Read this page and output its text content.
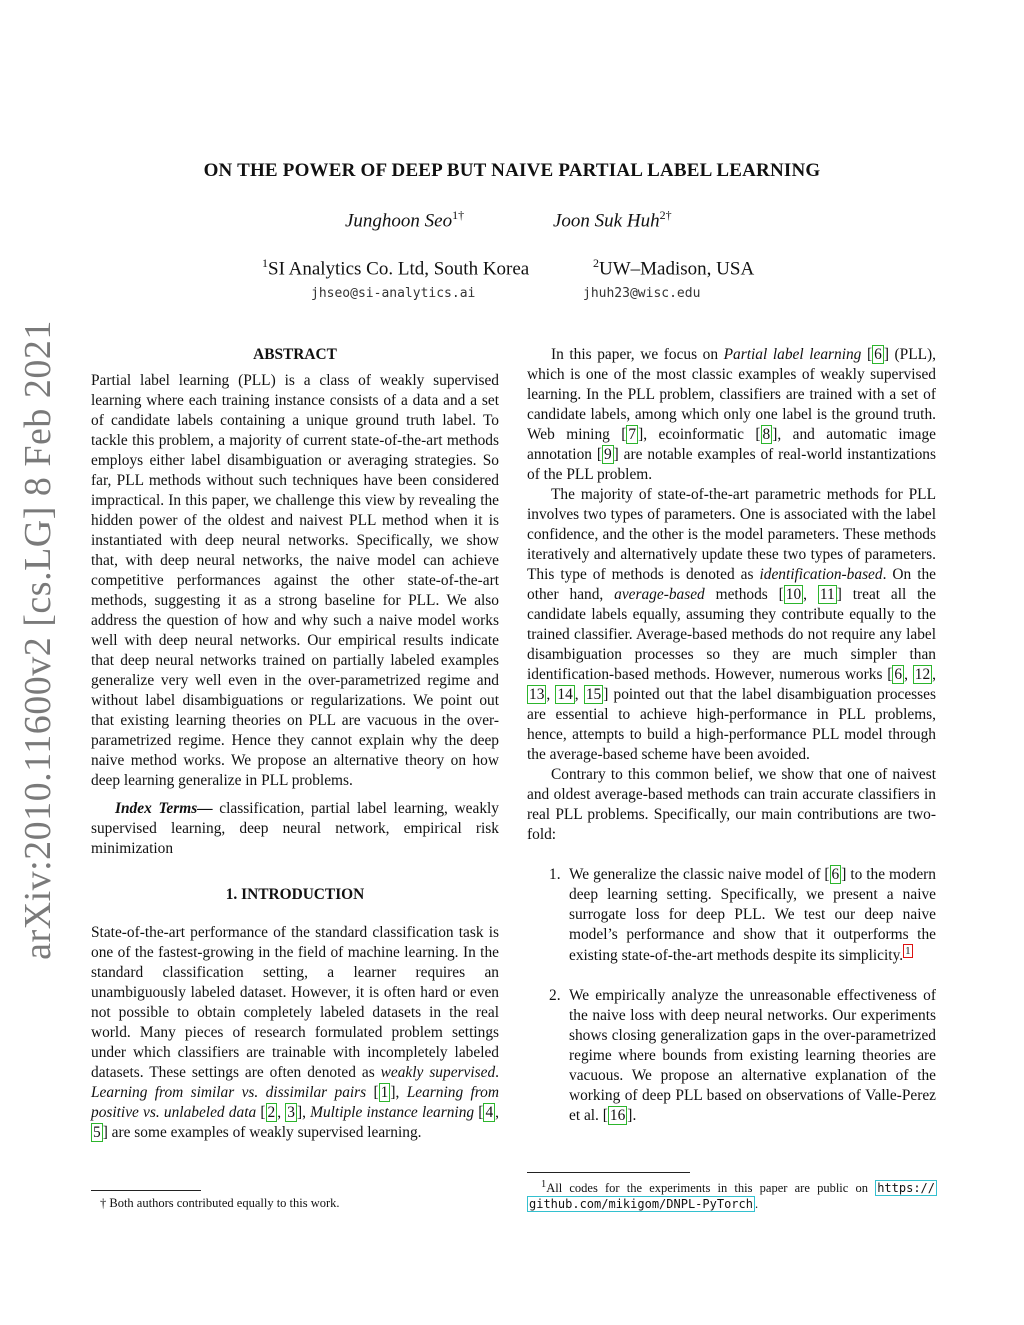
arXiv:2010.11600v2 [cs.LG] 8 Feb 2021
ON THE POWER OF DEEP BUT NAIVE PARTIAL LABEL LEARNING
Junghoon Seo$^{1\dagger}$	Joon Suk Huh$^{2\dagger}$
$^1$SI Analytics Co. Ltd, South Korea	$^2$UW–Madison, USA
jhseo@si-analytics.ai	jhuh23@wisc.edu

ABSTRACT

Partial label learning (PLL) is a class of weakly supervised learning where each training instance consists of a data and a set of candidate labels containing a unique ground truth label. To tackle this problem, a majority of current state-of-the-art methods employs either label disambiguation or averaging strategies. So far, PLL methods without such techniques have been considered impractical. In this paper, we challenge this view by revealing the hidden power of the oldest and naivest PLL method when it is instantiated with deep neural networks. Specifically, we show that, with deep neural networks, the naive model can achieve competitive performances against the other state-of-the-art methods, suggesting it as a strong baseline for PLL. We also address the question of how and why such a naive model works well with deep neural networks. Our empirical results indicate that deep neural networks trained on partially labeled examples generalize very well even in the over-parametrized regime and without label disambiguations or regularizations. We point out that existing learning theories on PLL are vacuous in the over-parametrized regime. Hence they cannot explain why the deep naive method works. We propose an alternative theory on how deep learning generalize in PLL problems.

Index Terms— classification, partial label learning, weakly supervised learning, deep neural network, empirical risk minimization

1. INTRODUCTION

State-of-the-art performance of the standard classification task is one of the fastest-growing in the field of machine learning. In the standard classification setting, a learner requires an unambiguously labeled dataset. However, it is often hard or even not possible to obtain completely labeled datasets in the real world. Many pieces of research formulated problem settings under which classifiers are trainable with incompletely labeled datasets. These settings are often denoted as weakly supervised. Learning from similar vs. dissimilar pairs [ 1 ], Learning from positive vs. unlabeled data [ 2 , 3 ], Multiple instance learning [ 4 , 5 ] are some examples of weakly supervised learning.

† Both authors contributed equally to this work.

In this paper, we focus on Partial label learning [ 6 ] (PLL), which is one of the most classic examples of weakly supervised learning. In the PLL problem, classifiers are trained with a set of candidate labels, among which only one label is the ground truth. Web mining [ 7 ], ecoinformatic [ 8 ], and automatic image annotation [ 9 ] are notable examples of real-world instantizations of the PLL problem.

The majority of state-of-the-art parametric methods for PLL involves two types of parameters. One is associated with the label confidence, and the other is the model parameters. These methods iteratively and alternatively update these two types of parameters. This type of methods is denoted as identification-based. On the other hand, average-based methods [ 10 , 11 ] treat all the candidate labels equally, assuming they contribute equally to the trained classifier. Average-based methods do not require any label disambiguation processes so they are much simpler than identification-based methods. However, numerous works [ 6 , 12 , 13 , 14 , 15 ] pointed out that the label disambiguation processes are essential to achieve high-performance in PLL problems, hence, attempts to build a high-performance PLL model through the average-based scheme have been avoided.

Contrary to this common belief, we show that one of naivest and oldest average-based methods can train accurate classifiers in real PLL problems. Specifically, our main contributions are two-fold:

1. We generalize the classic naive model of [ 6 ] to the modern deep learning setting. Specifically, we present a naive surrogate loss for deep PLL. We test our deep naive model’s performance and show that it outperforms the existing state-of-the-art methods despite its simplicity. $^1$
2. We empirically analyze the unreasonable effectiveness of the naive loss with deep neural networks. Our experiments shows closing generalization gaps in the over-parametrized regime where bounds from existing learning theories are vacuous. We propose an alternative explanation of the working of deep PLL based on observations of Valle-Perez et al. [ 16 ].
$^1$All codes for the experiments in this paper are public on https:// github.com/mikigom/DNPL-PyTorch .
